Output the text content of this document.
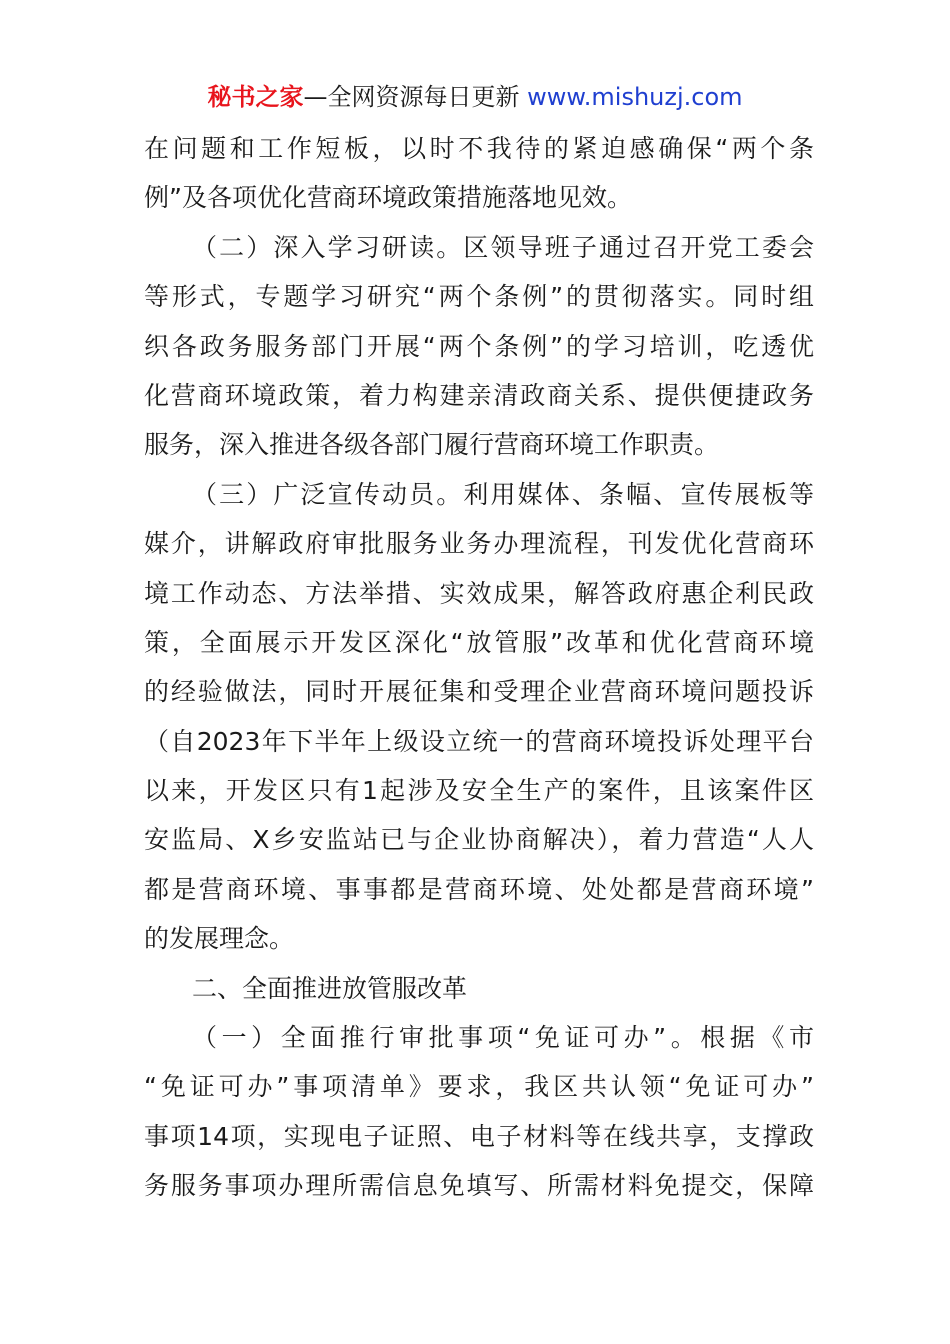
秘书之家—全网资源每日更新 www.mishuzj.com
在问题和工作短板，以时不我待的紧迫感确保“两个条
例”及各项优化营商环境政策措施落地见效。
（二）深入学习研读。区领导班子通过召开党工委会
等形式，专题学习研究“两个条例”的贯彻落实。同时组
织各政务服务部门开展“两个条例”的学习培训，吃透优
化营商环境政策，着力构建亲清政商关系、提供便捷政务
服务，深入推进各级各部门履行营商环境工作职责。
（三）广泛宣传动员。利用媒体、条幅、宣传展板等
媒介，讲解政府审批服务业务办理流程，刊发优化营商环
境工作动态、方法举措、实效成果，解答政府惠企利民政
策，全面展示开发区深化“放管服”改革和优化营商环境
的经验做法，同时开展征集和受理企业营商环境问题投诉
（自2023年下半年上级设立统一的营商环境投诉处理平台
以来，开发区只有1起涉及安全生产的案件，且该案件区
安监局、X乡安监站已与企业协商解决），着力营造“人人
都是营商环境、事事都是营商环境、处处都是营商环境”
的发展理念。
二、全面推进放管服改革
（一）全面推行审批事项“免证可办”。根据《市
“免证可办”事项清单》要求，我区共认领“免证可办”
事项14项，实现电子证照、电子材料等在线共享，支撑政
务服务事项办理所需信息免填写、所需材料免提交，保障
